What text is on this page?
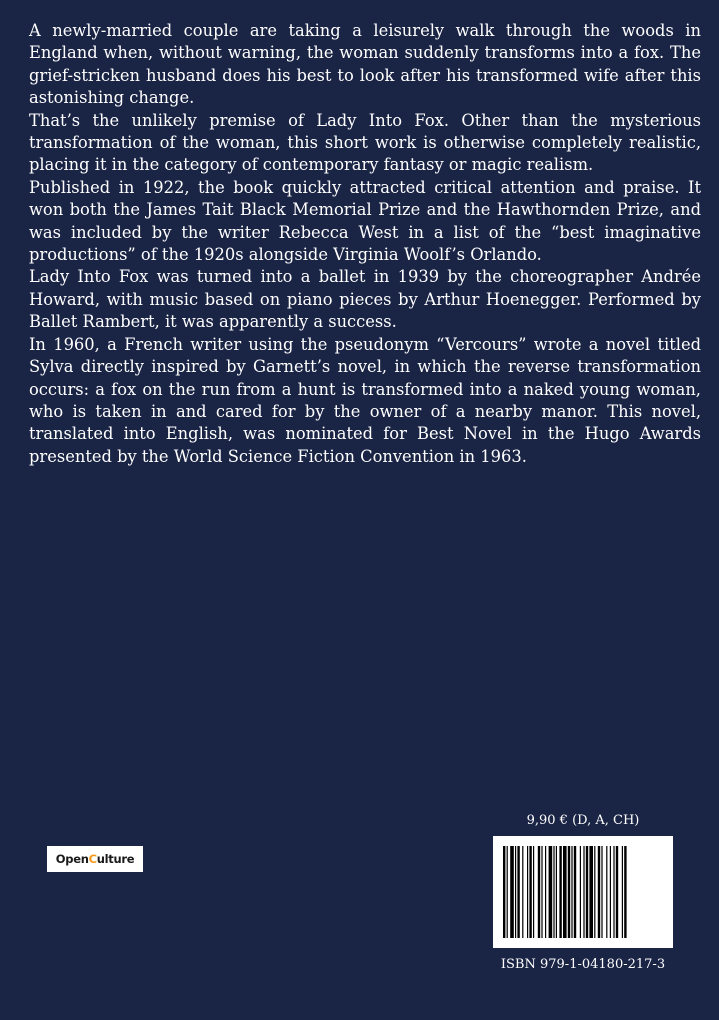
A newly-married couple are taking a leisurely walk through the woods in England when, without warning, the woman suddenly transforms into a fox. The grief-stricken husband does his best to look after his transformed wife after this astonishing change.

That’s the unlikely premise of Lady Into Fox. Other than the mysterious transformation of the woman, this short work is otherwise completely realistic, placing it in the category of contemporary fantasy or magic realism.

Published in 1922, the book quickly attracted critical attention and praise. It won both the James Tait Black Memorial Prize and the Hawthornden Prize, and was included by the writer Rebecca West in a list of the “best imaginative productions” of the 1920s alongside Virginia Woolf’s Orlando.

Lady Into Fox was turned into a ballet in 1939 by the choreographer Andrée Howard, with music based on piano pieces by Arthur Hoenegger. Performed by Ballet Rambert, it was apparently a success.

In 1960, a French writer using the pseudonym “Vercours” wrote a novel titled Sylva directly inspired by Garnett’s novel, in which the reverse transformation occurs: a fox on the run from a hunt is transformed into a naked young woman, who is taken in and cared for by the owner of a nearby manor. This novel, translated into English, was nominated for Best Novel in the Hugo Awards presented by the World Science Fiction Convention in 1963.

Open C ulture
9,90 € (D, A, CH)
ISBN 979-1-04180-217-3
